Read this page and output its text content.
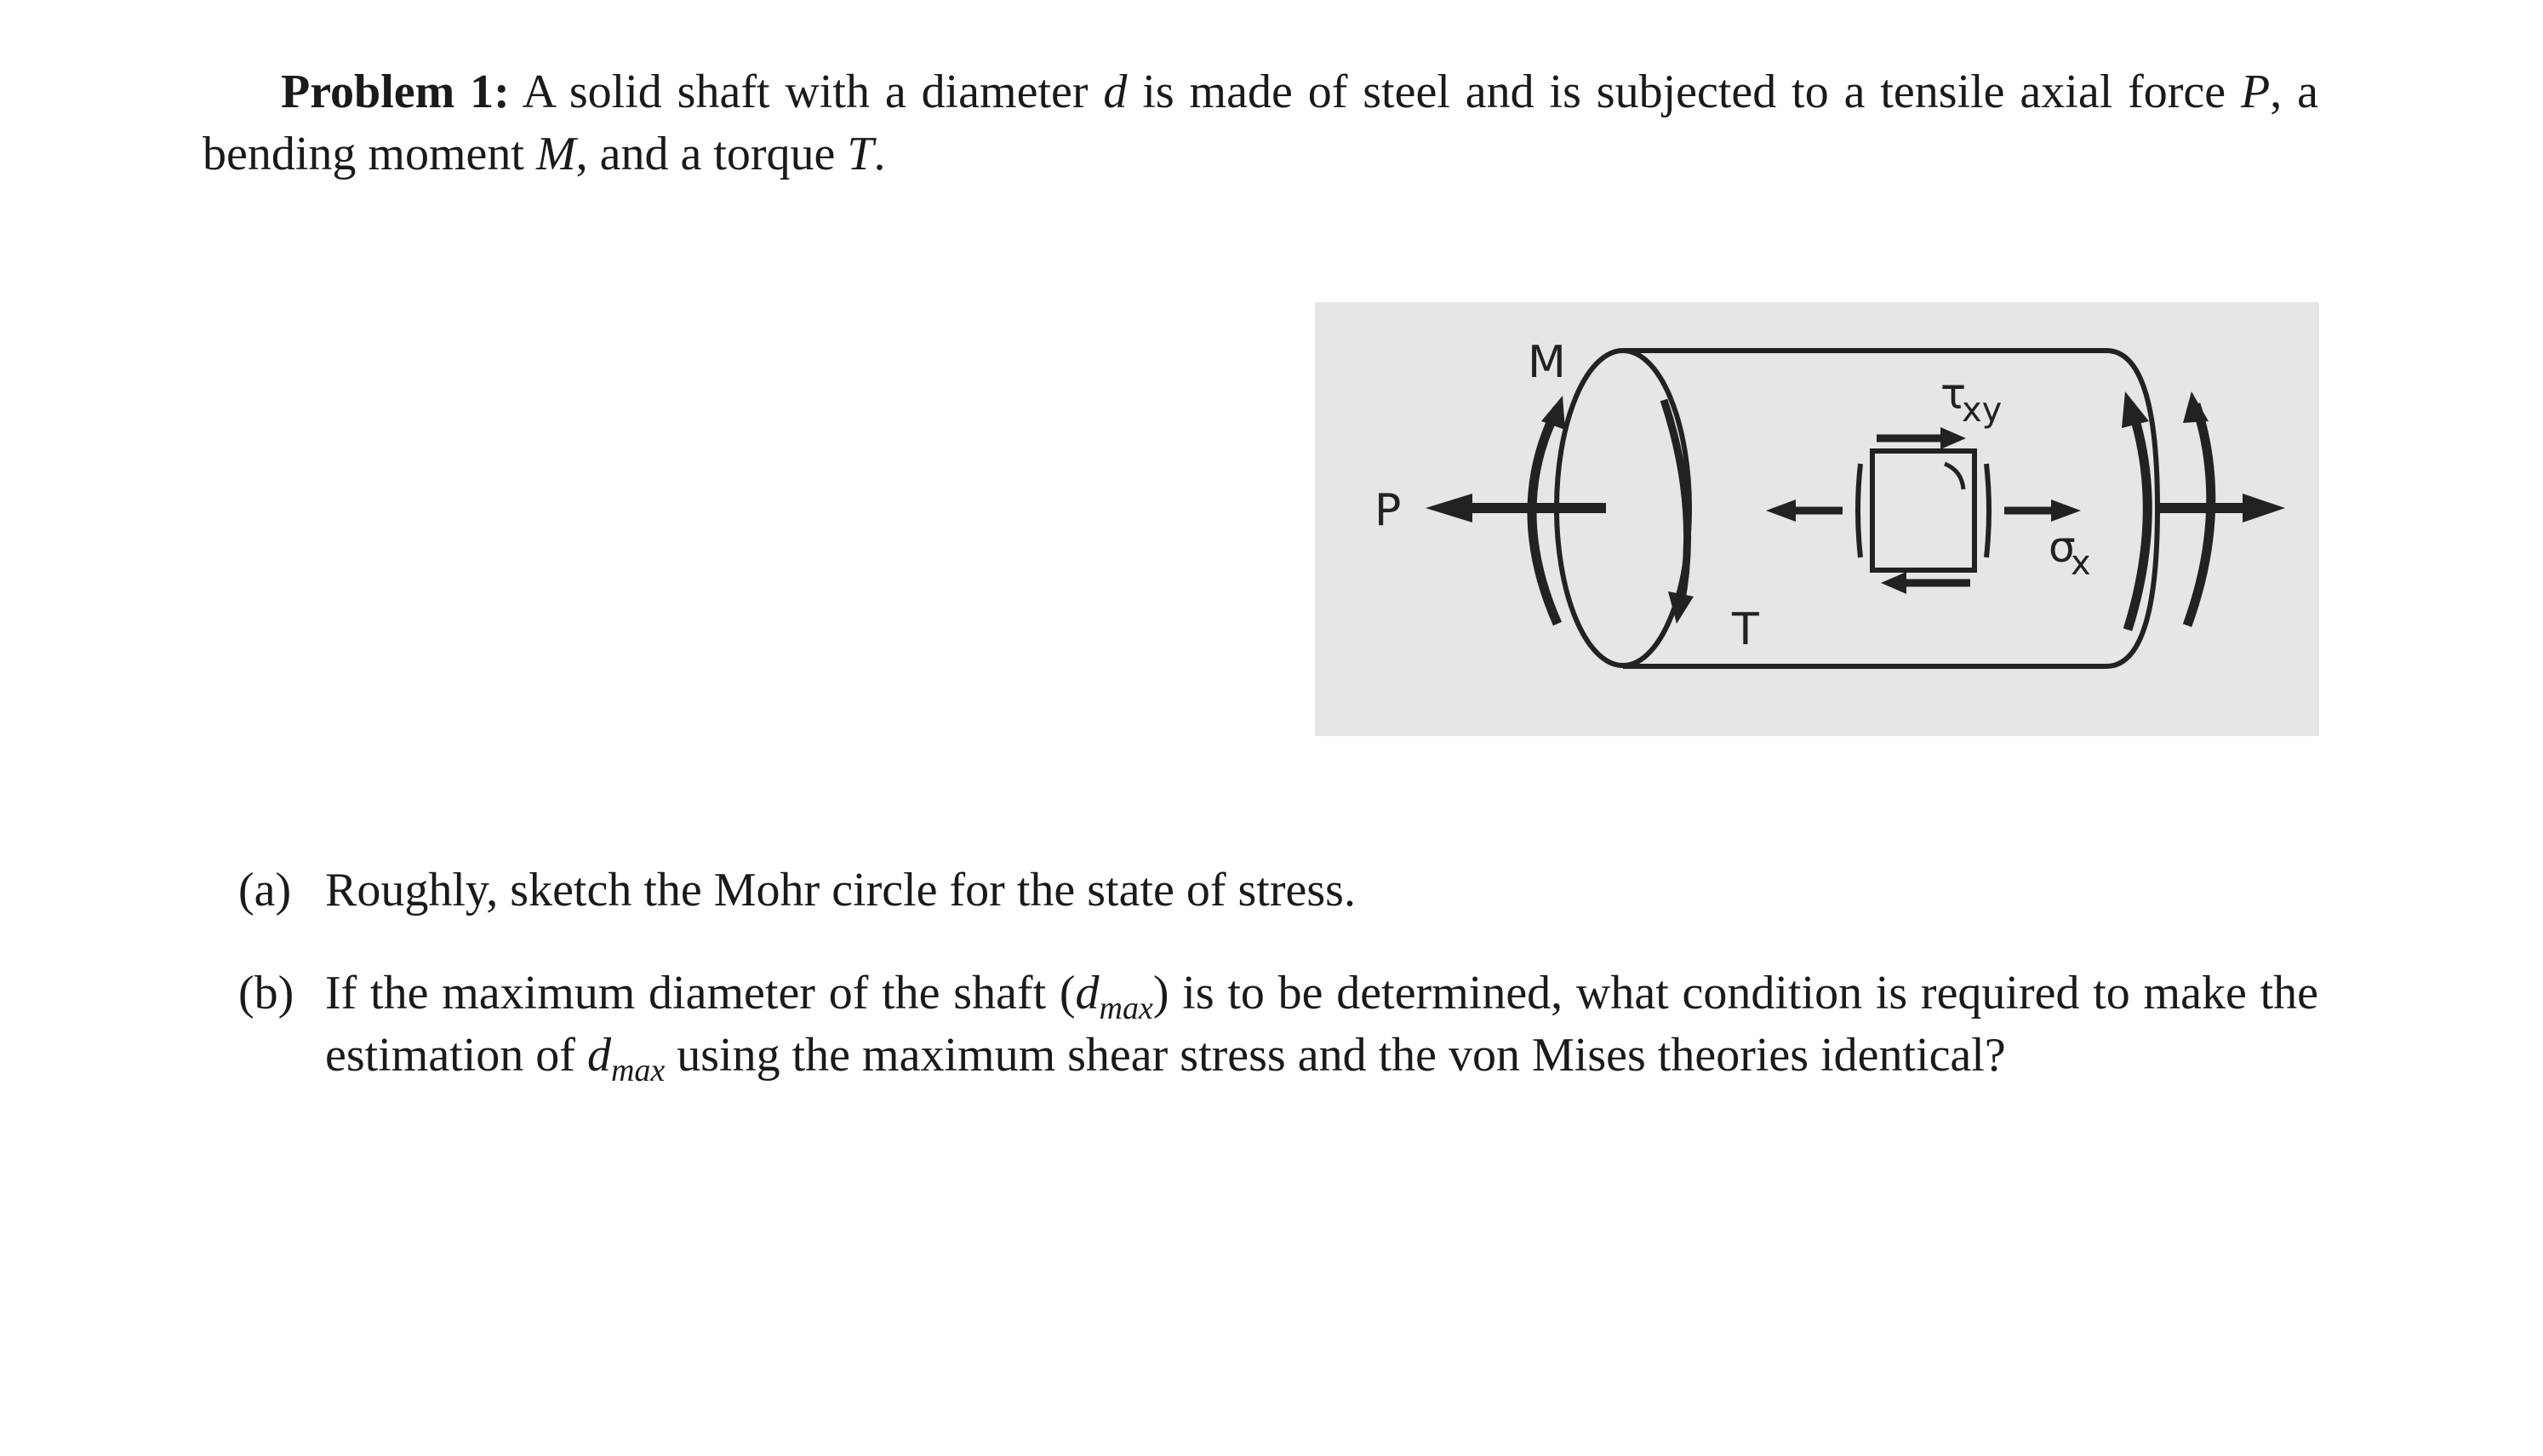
Problem 1: A solid shaft with a diameter d is made of steel and is subjected to a tensile axial force P, a bending moment M, and a torque T.
M
P
T
τ
xy
σ
x
(a) Roughly, sketch the Mohr circle for the state of stress.
(b) If the maximum diameter of the shaft $(d_{max})$ is to be determined, what condition is required to make the estimation of $d_{max}$ using the maximum shear stress and the von Mises theories identical?
